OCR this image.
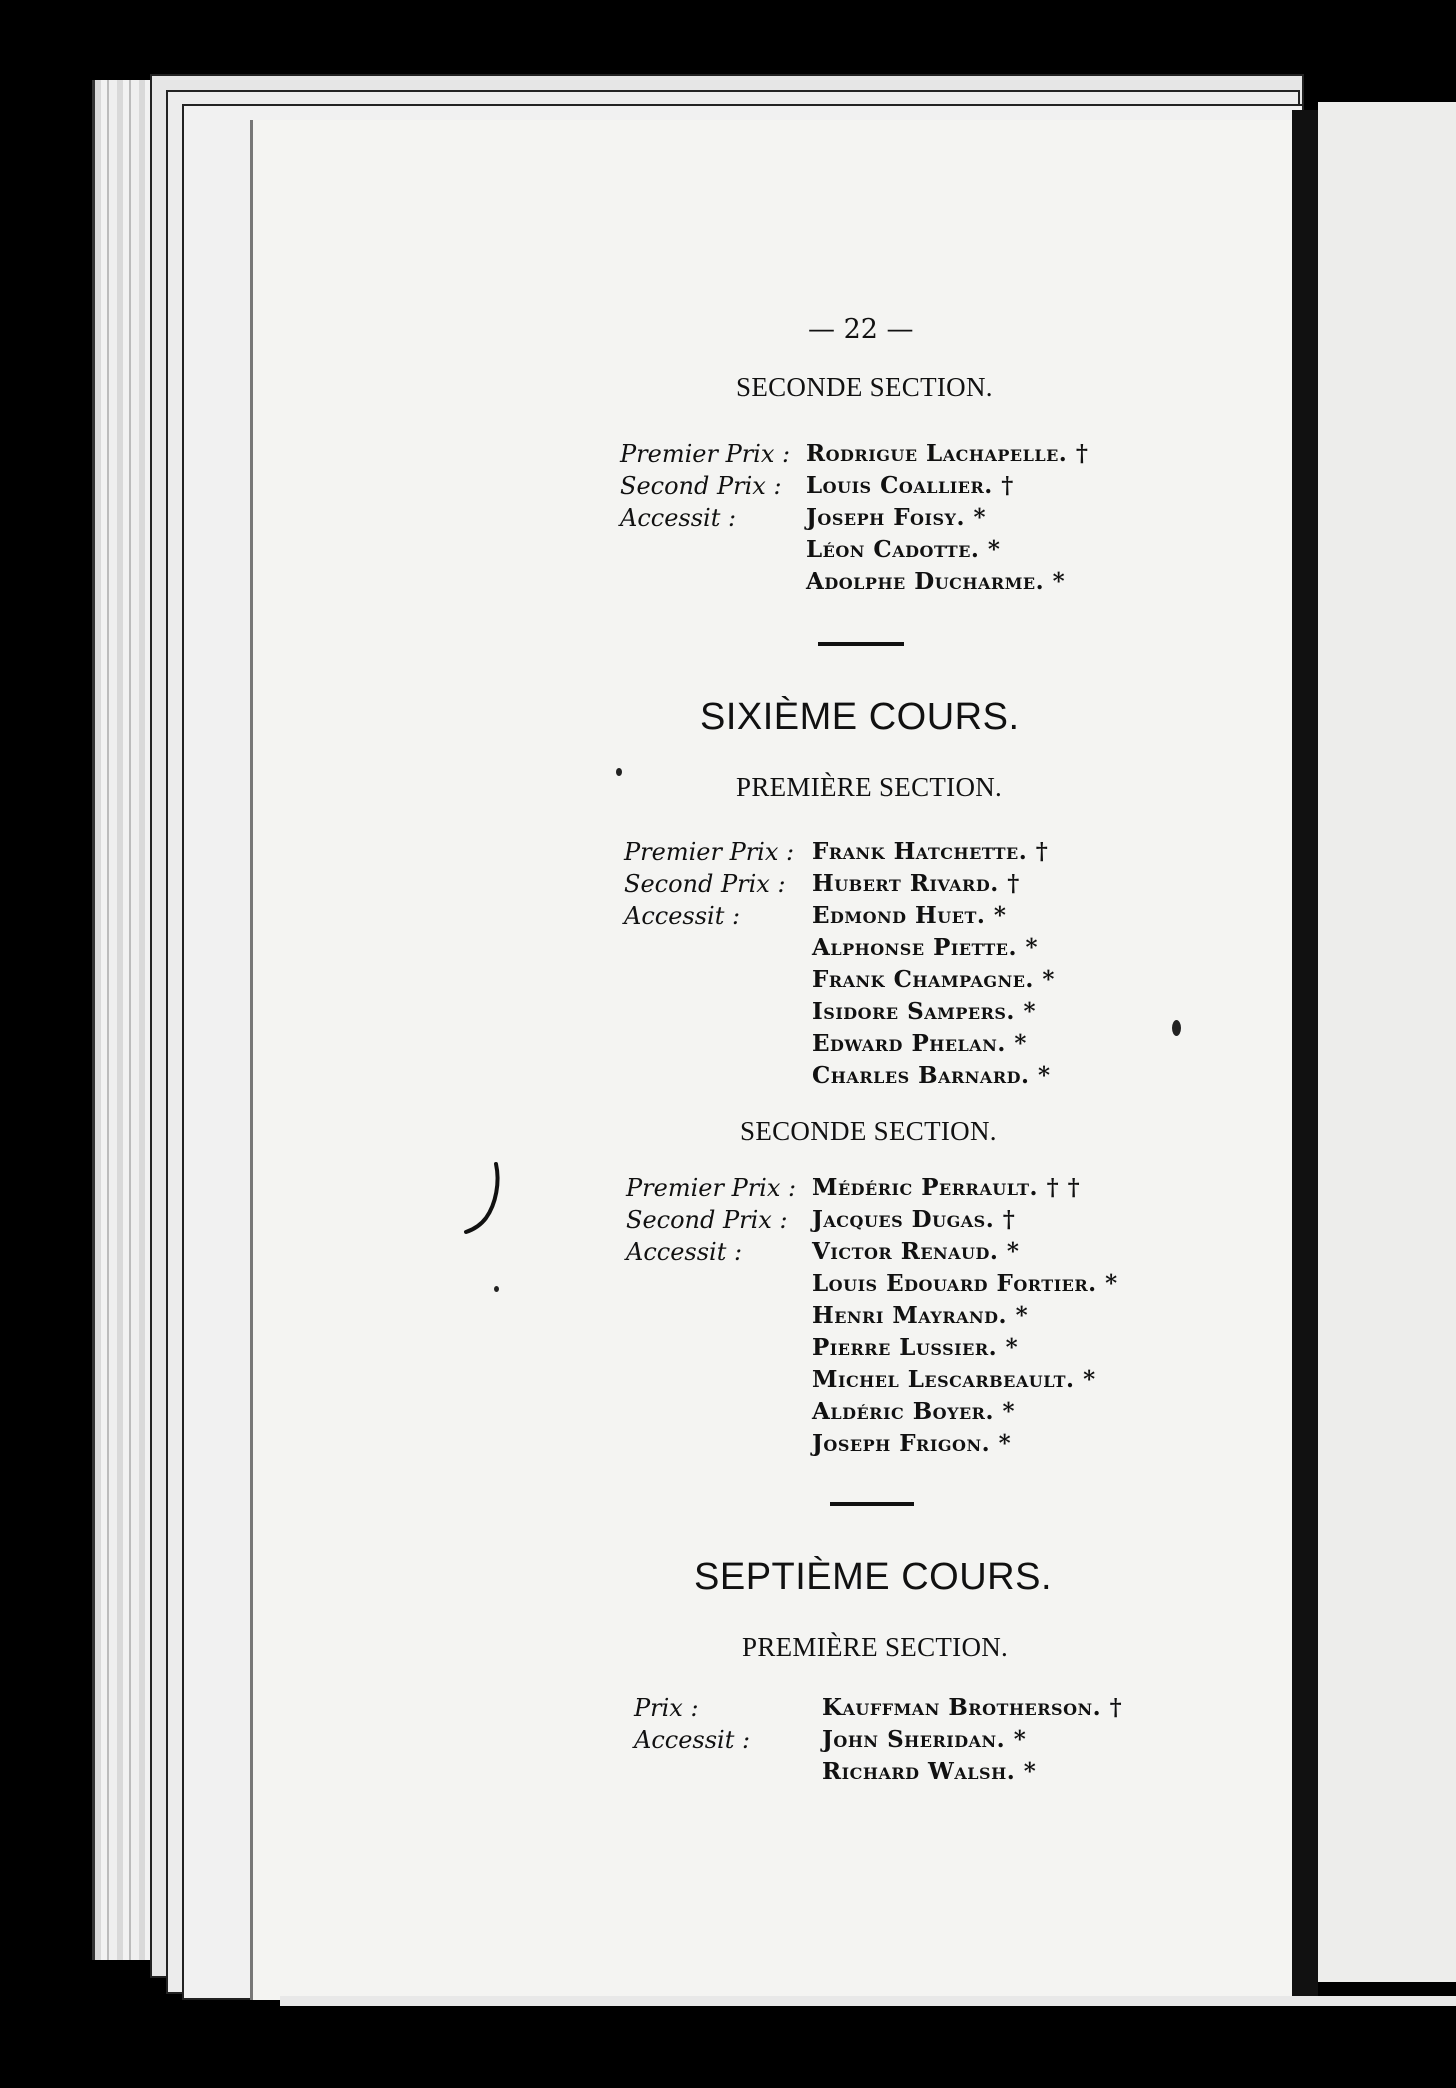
— 22 —
SECONDE SECTION.
Premier Prix :
Second Prix :
Accessit :
Rodrigue Lachapelle. †
Louis Coallier. †
Joseph Foisy. *
Léon Cadotte. *
Adolphe Ducharme. *
SIXIÈME COURS.
PREMIÈRE SECTION.
Premier Prix :
Second Prix :
Accessit :
Frank Hatchette. †
Hubert Rivard. †
Edmond Huet. *
Alphonse Piette. *
Frank Champagne. *
Isidore Sampers. *
Edward Phelan. *
Charles Barnard. *
SECONDE SECTION.
Premier Prix :
Second Prix :
Accessit :
Médéric Perrault. † †
Jacques Dugas. †
Victor Renaud. *
Louis Edouard Fortier. *
Henri Mayrand. *
Pierre Lussier. *
Michel Lescarbeault. *
Aldéric Boyer. *
Joseph Frigon. *
SEPTIÈME COURS.
PREMIÈRE SECTION.
Prix :
Accessit :
Kauffman Brotherson. †
John Sheridan. *
Richard Walsh. *
